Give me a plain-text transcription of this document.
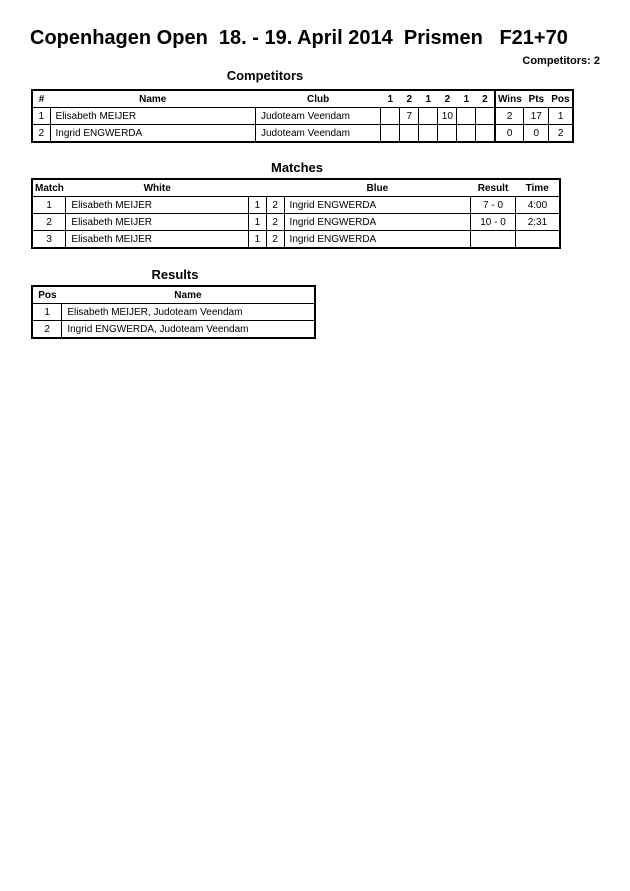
Copenhagen Open 18. - 19. April 2014 Prismen F21+70
Competitors: 2
Competitors
#	Name	Club	1	2	1	2	1	2	Wins	Pts	Pos
1	Elisabeth MEIJER	Judoteam Veendam		7		10			2	17	1
2	Ingrid ENGWERDA	Judoteam Veendam							0	0	2
Matches
Match	White			Blue	Result	Time
1	Elisabeth MEIJER	1	2	Ingrid ENGWERDA	7 - 0	4:00
2	Elisabeth MEIJER	1	2	Ingrid ENGWERDA	10 - 0	2:31
3	Elisabeth MEIJER	1	2	Ingrid ENGWERDA		
Results
Pos	Name
1	Elisabeth MEIJER, Judoteam Veendam
2	Ingrid ENGWERDA, Judoteam Veendam
